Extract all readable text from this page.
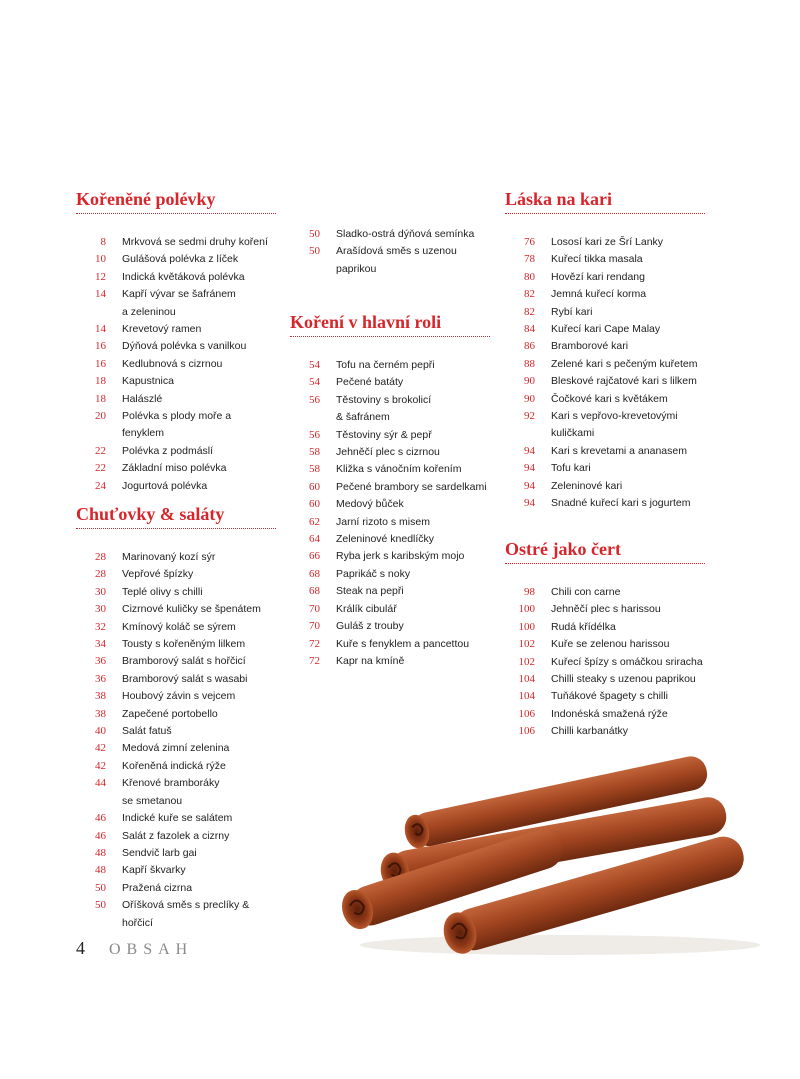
Kořeněné polévky
8 Mrkvová se sedmi druhy koření
10 Gulášová polévka z líček
12 Indická květáková polévka
14 Kapří vývar se šafránem
a zeleninou
14 Krevetový ramen
16 Dýňová polévka s vanilkou
16 Kedlubnová s cizrnou
18 Kapustnica
18 Halászlé
20 Polévka s plody moře a fenyklem
22 Polévka z podmáslí
22 Základní miso polévka
24 Jogurtová polévka
Chuťovky & saláty
28 Marinovaný kozí sýr
28 Vepřové špízky
30 Teplé olivy s chilli
30 Cizrnové kuličky se špenátem
32 Kmínový koláč se sýrem
34 Tousty s kořeněným lilkem
36 Bramborový salát s hořčicí
36 Bramborový salát s wasabi
38 Houbový závin s vejcem
38 Zapečené portobello
40 Salát fatuš
42 Medová zimní zelenina
42 Kořeněná indická rýže
44 Křenové bramboráky
se smetanou
46 Indické kuře se salátem
46 Salát z fazolek a cizrny
48 Sendvič larb gai
48 Kapří škvarky
50 Pražená cizrna
50 Oříšková směs s preclíky & hořčicí
50 Sladko-ostrá dýňová semínka
50 Arašídová směs s uzenou
paprikou
Koření v hlavní roli
54 Tofu na černém pepři
54 Pečené batáty
56 Těstoviny s brokolicí
& šafránem
56 Těstoviny sýr & pepř
58 Jehněčí plec s cizrnou
58 Kližka s vánočním kořením
60 Pečené brambory se sardelkami
60 Medový bůček
62 Jarní rizoto s misem
64 Zeleninové knedlíčky
66 Ryba jerk s karibským mojo
68 Paprikáč s noky
68 Steak na pepři
70 Králík cibulář
70 Guláš z trouby
72 Kuře s fenyklem a pancettou
72 Kapr na kmíně
Láska na kari
76 Lososí kari ze Šrí Lanky
78 Kuřecí tikka masala
80 Hovězí kari rendang
82 Jemná kuřecí korma
82 Rybí kari
84 Kuřecí kari Cape Malay
86 Bramborové kari
88 Zelené kari s pečeným kuřetem
90 Bleskové rajčatové kari s lilkem
90 Čočkové kari s květákem
92 Kari s vepřovo-krevetovými
kuličkami
94 Kari s krevetami a ananasem
94 Tofu kari
94 Zeleninové kari
94 Snadné kuřecí kari s jogurtem
Ostré jako čert
98 Chili con carne
100 Jehněčí plec s harissou
100 Rudá křídélka
102 Kuře se zelenou harissou
102 Kuřecí špízy s omáčkou sriracha
104 Chilli steaky s uzenou paprikou
104 Tuňákové špagety s chilli
106 Indonéská smažená rýže
106 Chilli karbanátky
4 OBSAH
